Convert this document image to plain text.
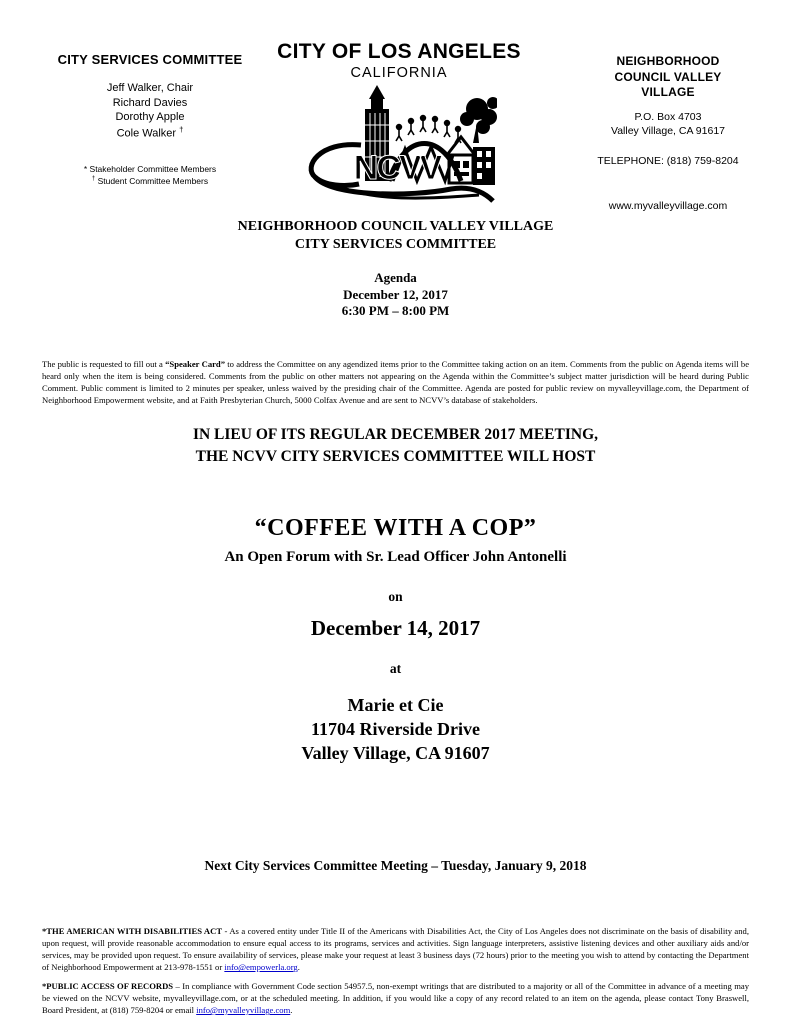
CITY SERVICES COMMITTEE
Jeff Walker, Chair
Richard Davies
Dorothy Apple
Cole Walker †
* Stakeholder Committee Members
† Student Committee Members
CITY OF LOS ANGELES
CALIFORNIA
NCVV
NEIGHBORHOOD
COUNCIL VALLEY
VILLAGE
P.O. Box 4703
Valley Village, CA 91617
TELEPHONE: (818) 759-8204
www.myvalleyvillage.com
NEIGHBORHOOD COUNCIL VALLEY VILLAGE
CITY SERVICES COMMITTEE
Agenda
December 12, 2017
6:30 PM – 8:00 PM

The public is requested to fill out a “Speaker Card” to address the Committee on any agendized items prior to the Committee taking action on an item. Comments from the public on Agenda items will be heard only when the item is being considered. Comments from the public on other matters not appearing on the Agenda within the Committee’s subject matter jurisdiction will be heard during Public Comment. Public comment is limited to 2 minutes per speaker, unless waived by the presiding chair of the Committee. Agenda are posted for public review on myvalleyvillage.com, the Department of Neighborhood Empowerment website, and at Faith Presbyterian Church, 5000 Colfax Avenue and are sent to NCVV’s database of stakeholders.

IN LIEU OF ITS REGULAR DECEMBER 2017 MEETING,
THE NCVV CITY SERVICES COMMITTEE WILL HOST
“COFFEE WITH A COP”
An Open Forum with Sr. Lead Officer John Antonelli
on
December 14, 2017
at
Marie et Cie
11704 Riverside Drive
Valley Village, CA 91607
Next City Services Committee Meeting – Tuesday, January 9, 2018

*THE AMERICAN WITH DISABILITIES ACT - As a covered entity under Title II of the Americans with Disabilities Act, the City of Los Angeles does not discriminate on the basis of disability and, upon request, will provide reasonable accommodation to ensure equal access to its programs, services and activities. Sign language interpreters, assistive listening devices and other auxiliary aids and/or services, may be provided upon request. To ensure availability of services, please make your request at least 3 business days (72 hours) prior to the meeting you wish to attend by contacting the Department of Neighborhood Empowerment at 213-978-1551 or info@empowerla.org.

*PUBLIC ACCESS OF RECORDS – In compliance with Government Code section 54957.5, non-exempt writings that are distributed to a majority or all of the Committee in advance of a meeting may be viewed on the NCVV website, myvalleyvillage.com, or at the scheduled meeting. In addition, if you would like a copy of any record related to an item on the agenda, please contact Tony Braswell, Board President, at (818) 759-8204 or email info@myvalleyvillage.com.
